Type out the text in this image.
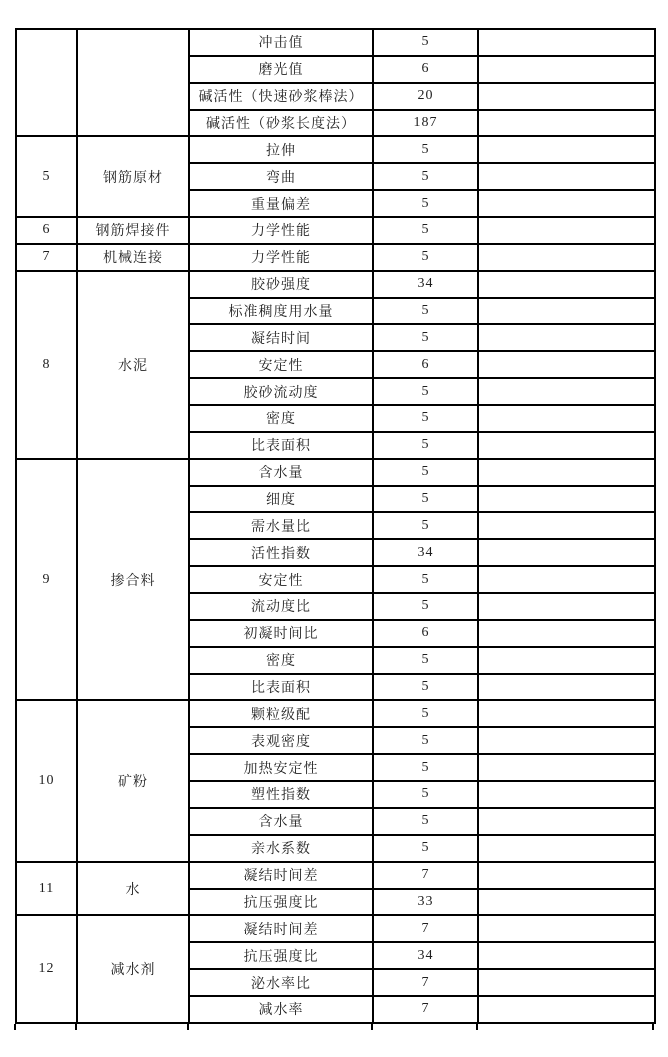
		冲击值	5	
		磨光值	6	
		碱活性（快速砂浆棒法）	20	
		碱活性（砂浆长度法）	187	
5	钢筋原材	拉伸	5	
		弯曲	5	
		重量偏差	5	
6	钢筋焊接件	力学性能	5	
7	机械连接	力学性能	5	
8	水泥	胶砂强度	34	
		标准稠度用水量	5	
		凝结时间	5	
		安定性	6	
		胶砂流动度	5	
		密度	5	
		比表面积	5	
9	掺合料	含水量	5	
		细度	5	
		需水量比	5	
		活性指数	34	
		安定性	5	
		流动度比	5	
		初凝时间比	6	
		密度	5	
		比表面积	5	
10	矿粉	颗粒级配	5	
		表观密度	5	
		加热安定性	5	
		塑性指数	5	
		含水量	5	
		亲水系数	5	
11	水	凝结时间差	7	
		抗压强度比	33	
12	减水剂	凝结时间差	7	
		抗压强度比	34	
		泌水率比	7	
		减水率	7	
